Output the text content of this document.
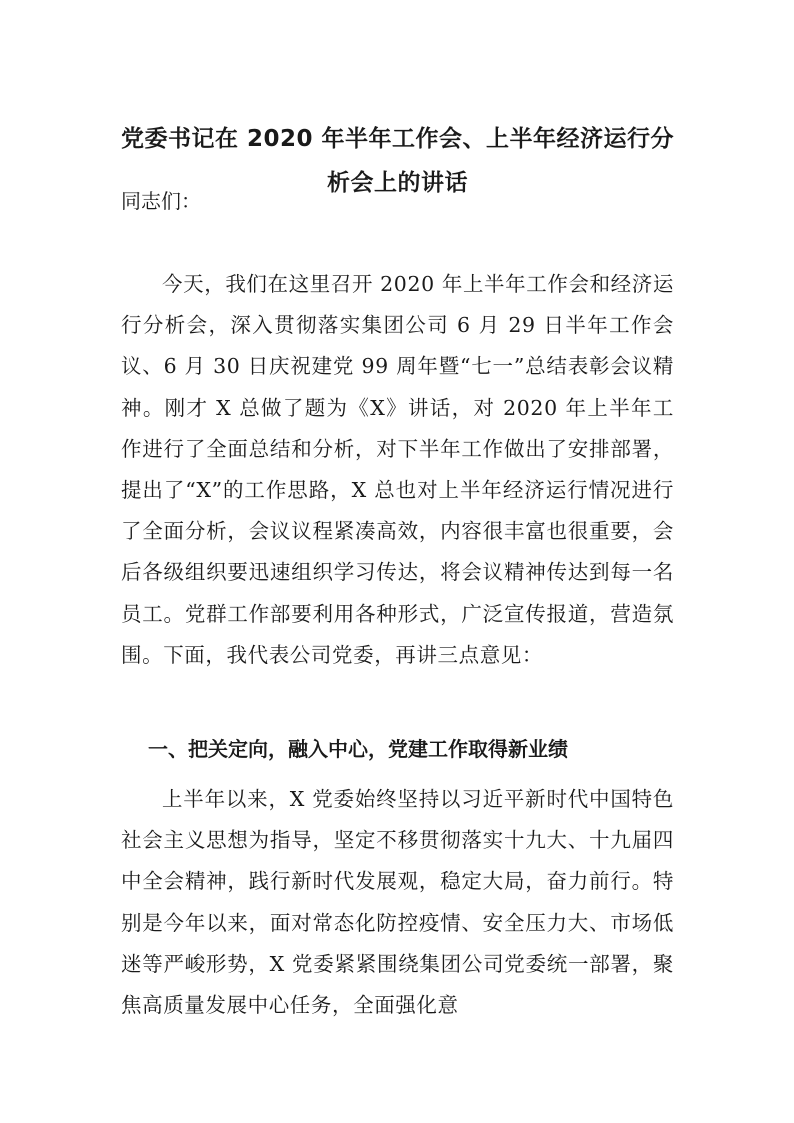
党委书记在 2020 年半年工作会、上半年经济运行分
析会上的讲话

同志们：

今天，我们在这里召开 2020 年上半年工作会和经济运行分析会，深入贯彻落实集团公司 6 月 29 日半年工作会议、6 月 30 日庆祝建党 99 周年暨“七一”总结表彰会议精神。刚才 X 总做了题为《X》讲话，对 2020 年上半年工作进行了全面总结和分析，对下半年工作做出了安排部署，提出了“X”的工作思路，X 总也对上半年经济运行情况进行了全面分析，会议议程紧凑高效，内容很丰富也很重要，会后各级组织要迅速组织学习传达，将会议精神传达到每一名员工。党群工作部要利用各种形式，广泛宣传报道，营造氛围。下面，我代表公司党委，再讲三点意见：

一、把关定向，融入中心，党建工作取得新业绩

上半年以来，X 党委始终坚持以习近平新时代中国特色社会主义思想为指导，坚定不移贯彻落实十九大、十九届四中全会精神，践行新时代发展观，稳定大局，奋力前行。特别是今年以来，面对常态化防控疫情、安全压力大、市场低迷等严峻形势，X 党委紧紧围绕集团公司党委统一部署，聚焦高质量发展中心任务，全面强化意
